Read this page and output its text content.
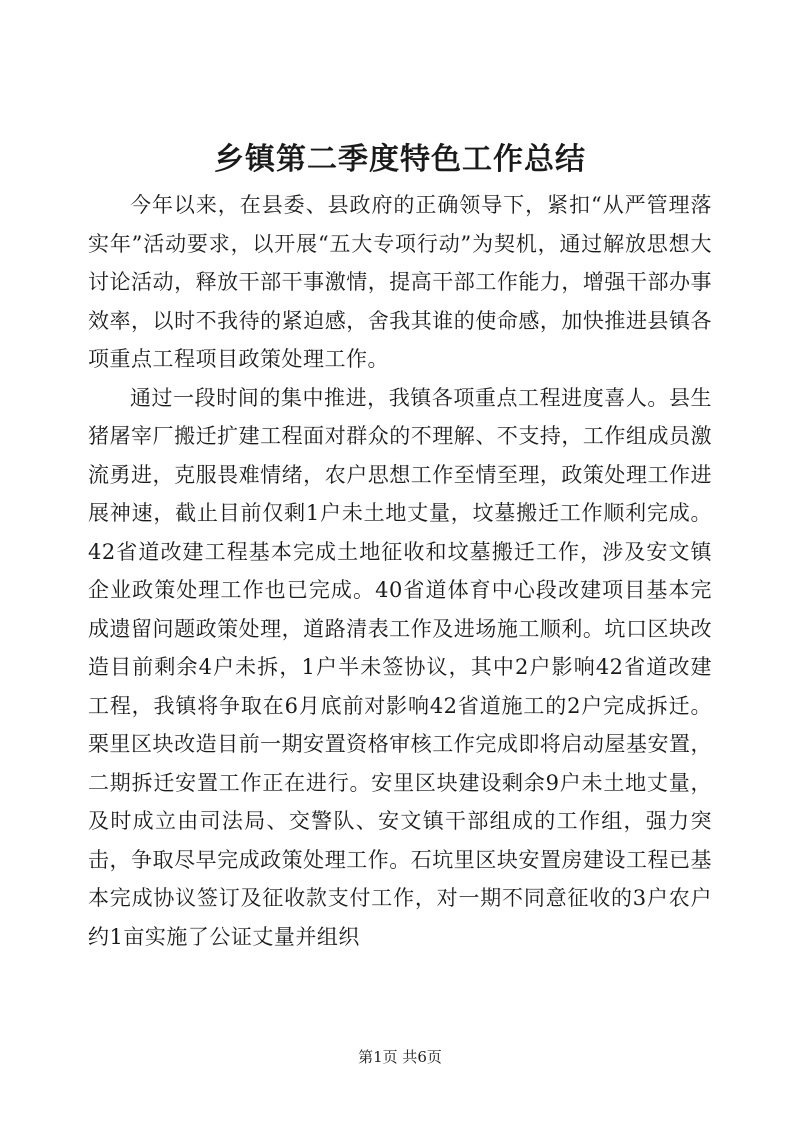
乡镇第二季度特色工作总结

今年以来，在县委、县政府的正确领导下，紧扣“从严管理落实年”活动要求，以开展“五大专项行动”为契机，通过解放思想大讨论活动，释放干部干事激情，提高干部工作能力，增强干部办事效率，以时不我待的紧迫感，舍我其谁的使命感，加快推进县镇各项重点工程项目政策处理工作。

通过一段时间的集中推进，我镇各项重点工程进度喜人。县生猪屠宰厂搬迁扩建工程面对群众的不理解、不支持，工作组成员激流勇进，克服畏难情绪，农户思想工作至情至理，政策处理工作进展神速，截止目前仅剩1户未土地丈量，坟墓搬迁工作顺利完成。42省道改建工程基本完成土地征收和坟墓搬迁工作，涉及安文镇企业政策处理工作也已完成。40省道体育中心段改建项目基本完成遗留问题政策处理，道路清表工作及进场施工顺利。坑口区块改造目前剩余4户未拆，1户半未签协议，其中2户影响42省道改建工程，我镇将争取在6月底前对影响42省道施工的2户完成拆迁。栗里区块改造目前一期安置资格审核工作完成即将启动屋基安置，二期拆迁安置工作正在进行。安里区块建设剩余9户未土地丈量，及时成立由司法局、交警队、安文镇干部组成的工作组，强力突击，争取尽早完成政策处理工作。石坑里区块安置房建设工程已基本完成协议签订及征收款支付工作，对一期不同意征收的3户农户约1亩实施了公证丈量并组织

第1页 共6页
